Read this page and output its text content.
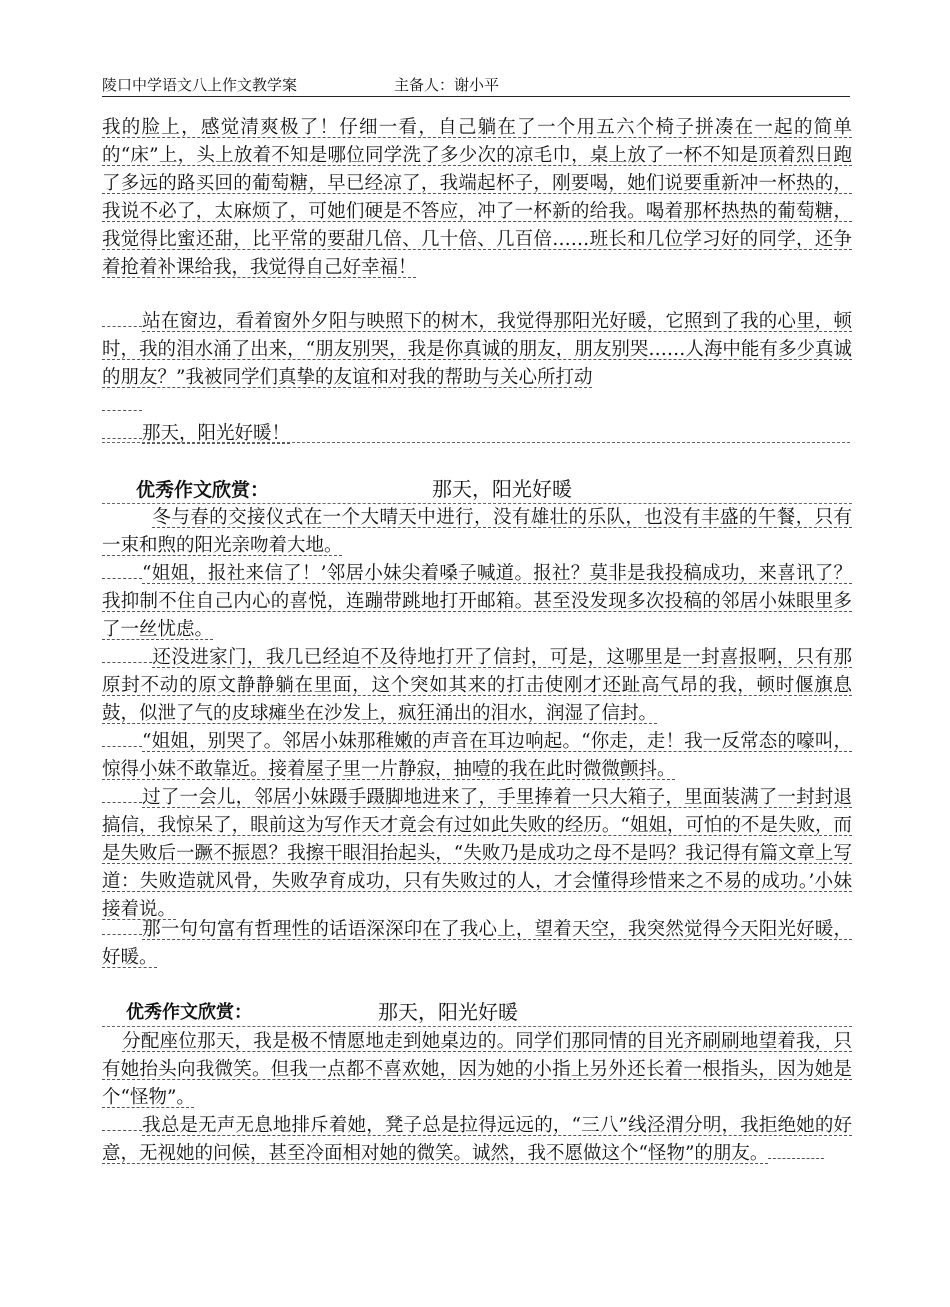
陵口中学语文八上作文教学案	主备人：谢小平

我的脸上，感觉清爽极了！仔细一看，自己躺在了一个用五六个椅子拼凑在一起的简单的“床”上，头上放着不知是哪位同学洗了多少次的凉毛巾，桌上放了一杯不知是顶着烈日跑了多远的路买回的葡萄糖，早已经凉了，我端起杯子，刚要喝，她们说要重新冲一杯热的，我说不必了，太麻烦了，可她们硬是不答应，冲了一杯新的给我。喝着那杯热热的葡萄糖，我觉得比蜜还甜，比平常的要甜几倍、几十倍、几百倍……班长和几位学习好的同学，还争着抢着补课给我，我觉得自己好幸福！

站在窗边，看着窗外夕阳与映照下的树木，我觉得那阳光好暖，它照到了我的心里，顿时，我的泪水涌了出来，“朋友别哭，我是你真诚的朋友，朋友别哭……人海中能有多少真诚的朋友？”我被同学们真挚的友谊和对我的帮助与关心所打动

那天，阳光好暖！

优秀作文欣赏：	那天，阳光好暖

冬与春的交接仪式在一个大晴天中进行，没有雄壮的乐队，也没有丰盛的午餐，只有一束和煦的阳光亲吻着大地。

“姐姐，报社来信了！’邻居小妹尖着嗓子喊道。报社？莫非是我投稿成功，来喜讯了？我抑制不住自己内心的喜悦，连蹦带跳地打开邮箱。甚至没发现多次投稿的邻居小妹眼里多了一丝忧虑。

还没进家门，我几已经迫不及待地打开了信封，可是，这哪里是一封喜报啊，只有那原封不动的原文静静躺在里面，这个突如其来的打击使刚才还趾高气昂的我，顿时偃旗息鼓，似泄了气的皮球瘫坐在沙发上，疯狂涌出的泪水，润湿了信封。

“姐姐，别哭了。邻居小妹那稚嫩的声音在耳边响起。“你走，走！我一反常态的嚎叫，惊得小妹不敢靠近。接着屋子里一片静寂，抽噎的我在此时微微颤抖。

过了一会儿，邻居小妹蹑手蹑脚地进来了，手里捧着一只大箱子，里面装满了一封封退搞信，我惊呆了，眼前这为写作天才竟会有过如此失败的经历。“姐姐，可怕的不是失败，而是失败后一蹶不振恩？我擦干眼泪抬起头，“失败乃是成功之母不是吗？我记得有篇文章上写道：失败造就风骨，失败孕育成功，只有失败过的人，才会懂得珍惜来之不易的成功。’小妹接着说。

那一句句富有哲理性的话语深深印在了我心上，望着天空，我突然觉得今天阳光好暖，好暖。

优秀作文欣赏：	那天，阳光好暖

分配座位那天，我是极不情愿地走到她桌边的。同学们那同情的目光齐刷刷地望着我，只有她抬头向我微笑。但我一点都不喜欢她，因为她的小指上另外还长着一根指头，因为她是个“怪物”。

我总是无声无息地排斥着她，凳子总是拉得远远的，“三八”线泾渭分明，我拒绝她的好意，无视她的问候，甚至冷面相对她的微笑。诚然，我不愿做这个“怪物”的朋友。
